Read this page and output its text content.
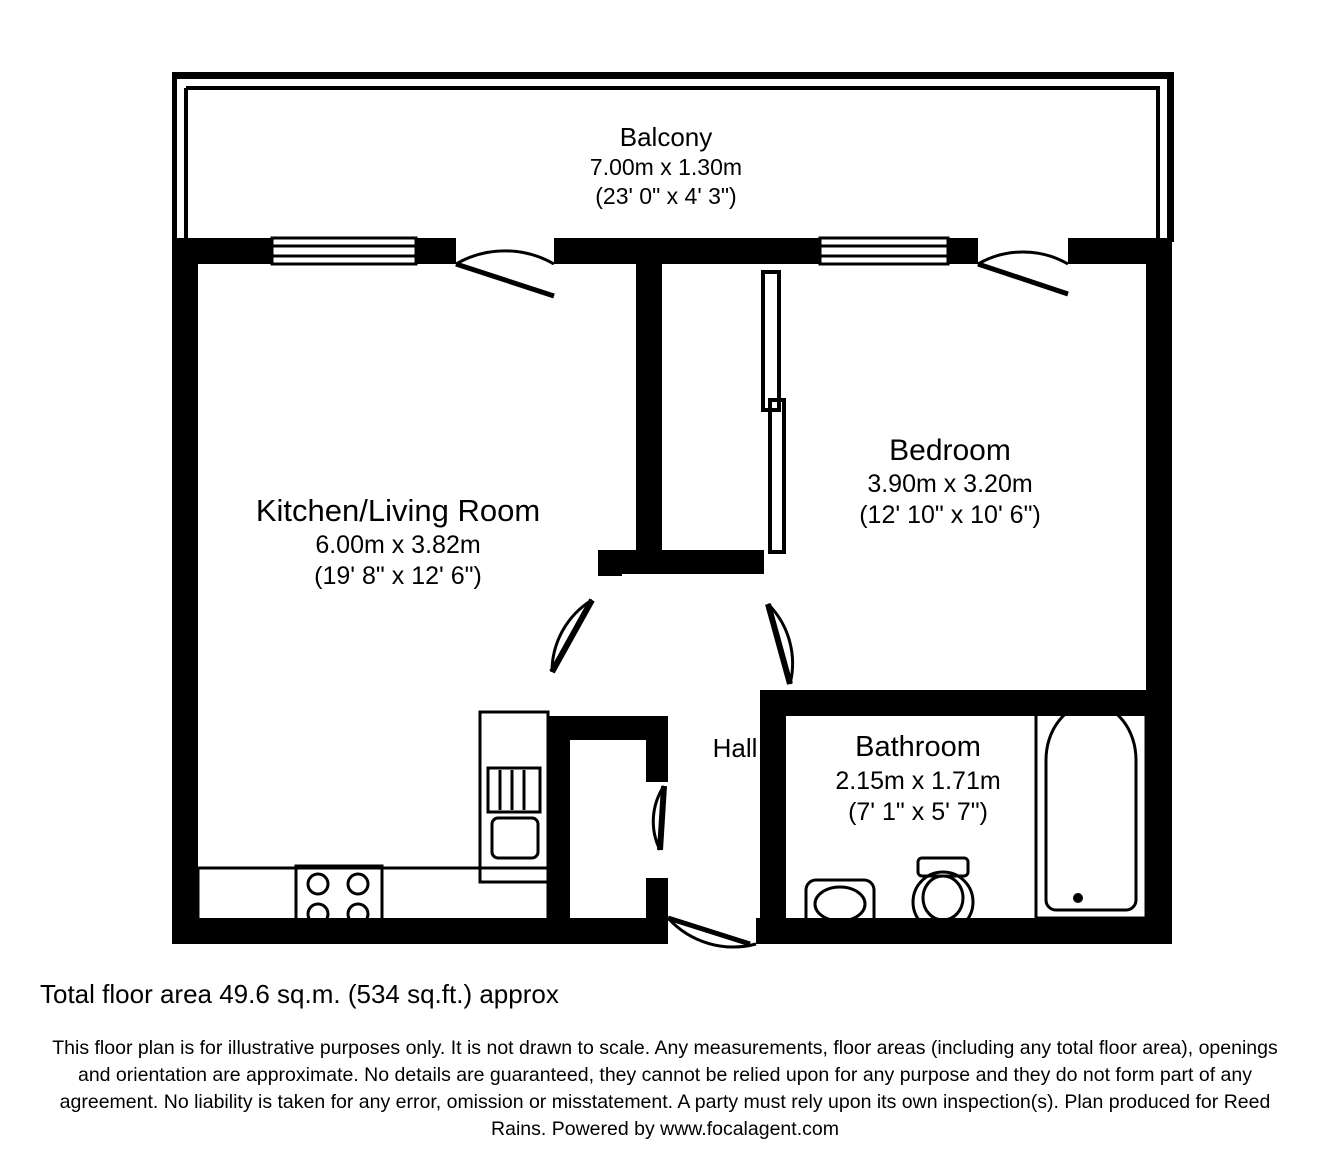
Balcony
7.00m x 1.30m
(23' 0" x 4' 3")
Kitchen/Living Room
6.00m x 3.82m
(19' 8" x 12' 6")
Bedroom
3.90m x 3.20m
(12' 10" x 10' 6")
Bathroom
2.15m x 1.71m
(7' 1" x 5' 7")
Hall
Total floor area 49.6 sq.m. (534 sq.ft.) approx
This floor plan is for illustrative purposes only. It is not drawn to scale. Any measurements, floor areas (including any total floor area), openings and orientation are approximate. No details are guaranteed, they cannot be relied upon for any purpose and they do not form part of any agreement. No liability is taken for any error, omission or misstatement. A party must rely upon its own inspection(s). Plan produced for Reed Rains. Powered by www.focalagent.com
